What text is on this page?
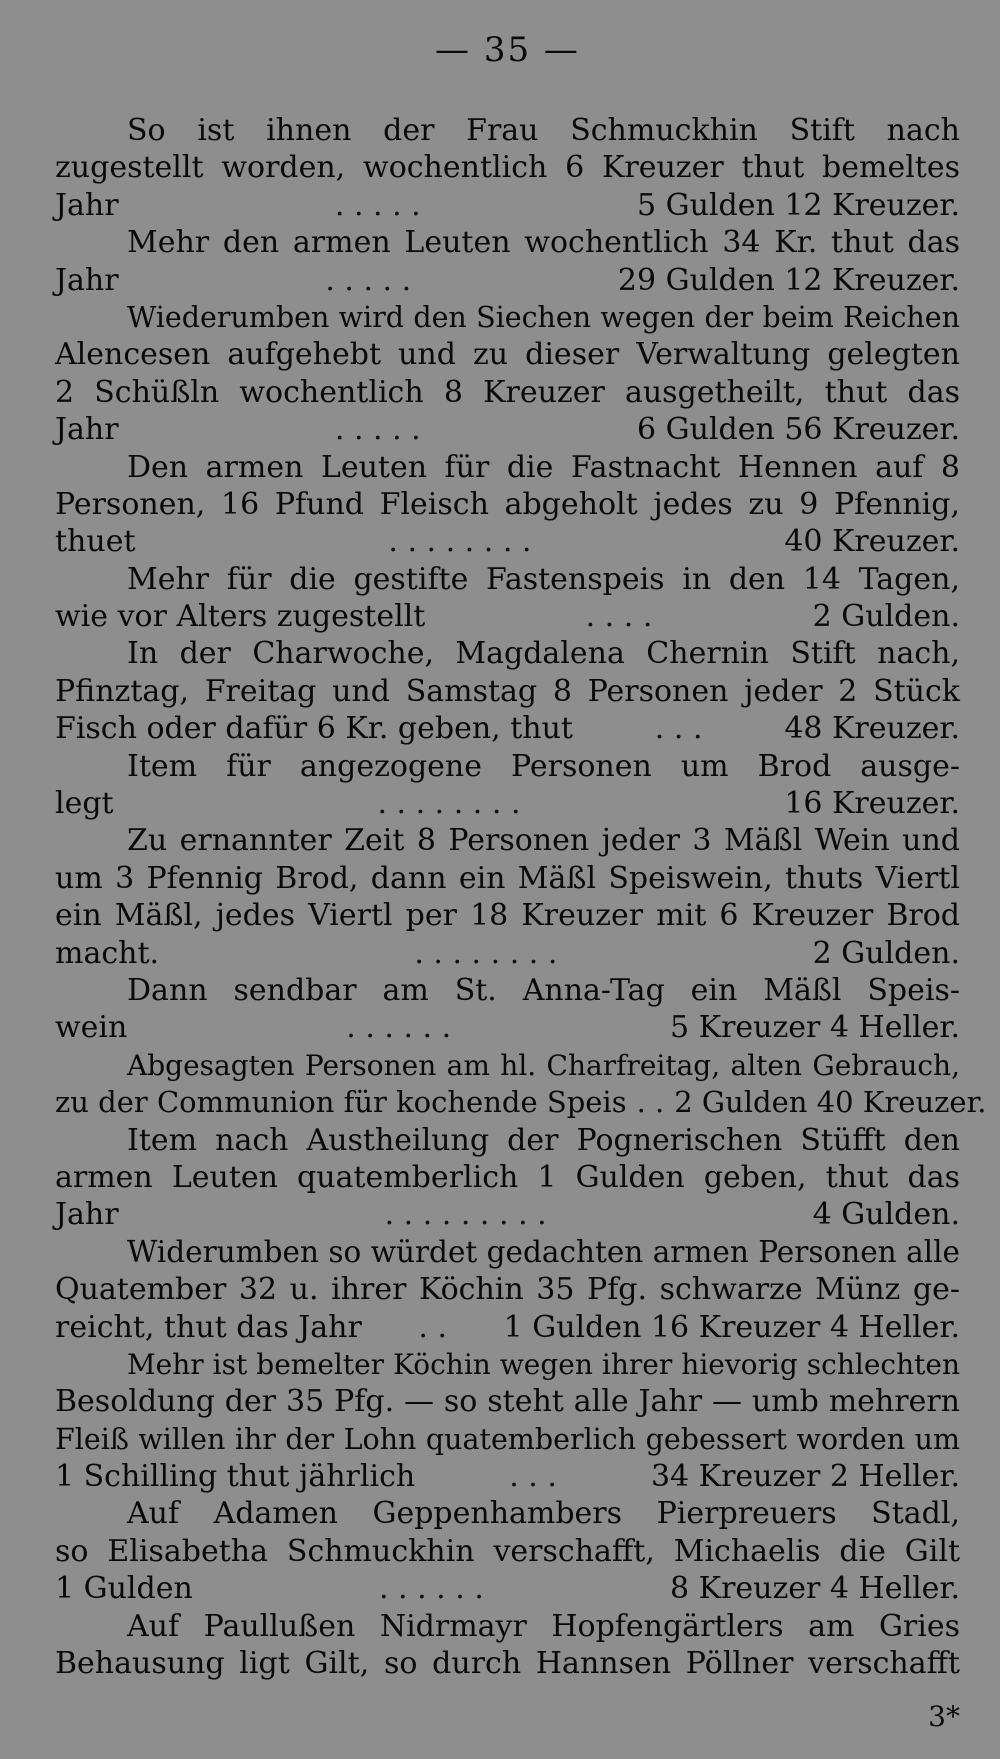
— 35 —
So ist ihnen der Frau Schmuckhin Stift nach
zugestellt worden, wochentlich 6 Kreuzer thut bemeltes
Jahr	. . . . .	5 Gulden 12 Kreuzer.
Mehr den armen Leuten wochentlich 34 Kr. thut das
Jahr	. . . . .	29 Gulden 12 Kreuzer.
Wiederumben wird den Siechen wegen der beim Reichen
Alencesen aufgehebt und zu dieser Verwaltung gelegten
2 Schüßln wochentlich 8 Kreuzer ausgetheilt, thut das
Jahr	. . . . .	6 Gulden 56 Kreuzer.
Den armen Leuten für die Fastnacht Hennen auf 8
Personen, 16 Pfund Fleisch abgeholt jedes zu 9 Pfennig,
thuet	. . . . . . . .	40 Kreuzer.
Mehr für die gestifte Fastenspeis in den 14 Tagen,
wie vor Alters zugestellt	. . . .	2 Gulden.
In der Charwoche, Magdalena Chernin Stift nach,
Pfinztag, Freitag und Samstag 8 Personen jeder 2 Stück
Fisch oder dafür 6 Kr. geben, thut	. . .	48 Kreuzer.
Item für angezogene Personen um Brod ausge-
legt	. . . . . . . .	16 Kreuzer.
Zu ernannter Zeit 8 Personen jeder 3 Mäßl Wein und
um 3 Pfennig Brod, dann ein Mäßl Speiswein, thuts Viertl
ein Mäßl, jedes Viertl per 18 Kreuzer mit 6 Kreuzer Brod
macht.	. . . . . . . .	2 Gulden.
Dann sendbar am St. Anna-Tag ein Mäßl Speis-
wein	. . . . . .	5 Kreuzer 4 Heller.
Abgesagten Personen am hl. Charfreitag, alten Gebrauch,
zu der Communion für kochende Speis . . 2 Gulden 40 Kreuzer.
Item nach Austheilung der Pognerischen Stüfft den
armen Leuten quatemberlich 1 Gulden geben, thut das
Jahr	. . . . . . . . .	4 Gulden.
Widerumben so würdet gedachten armen Personen alle
Quatember 32 u. ihrer Köchin 35 Pfg. schwarze Münz ge-
reicht, thut das Jahr	. .	1 Gulden 16 Kreuzer 4 Heller.
Mehr ist bemelter Köchin wegen ihrer hievorig schlechten
Besoldung der 35 Pfg. — so steht alle Jahr — umb mehrern
Fleiß willen ihr der Lohn quatemberlich gebessert worden um
1 Schilling thut jährlich	. . .	34 Kreuzer 2 Heller.
Auf Adamen Geppenhambers Pierpreuers Stadl,
so Elisabetha Schmuckhin verschafft, Michaelis die Gilt
1 Gulden	. . . . . .	8 Kreuzer 4 Heller.
Auf Paullußen Nidrmayr Hopfengärtlers am Gries
Behausung ligt Gilt, so durch Hannsen Pöllner verschafft
3*
